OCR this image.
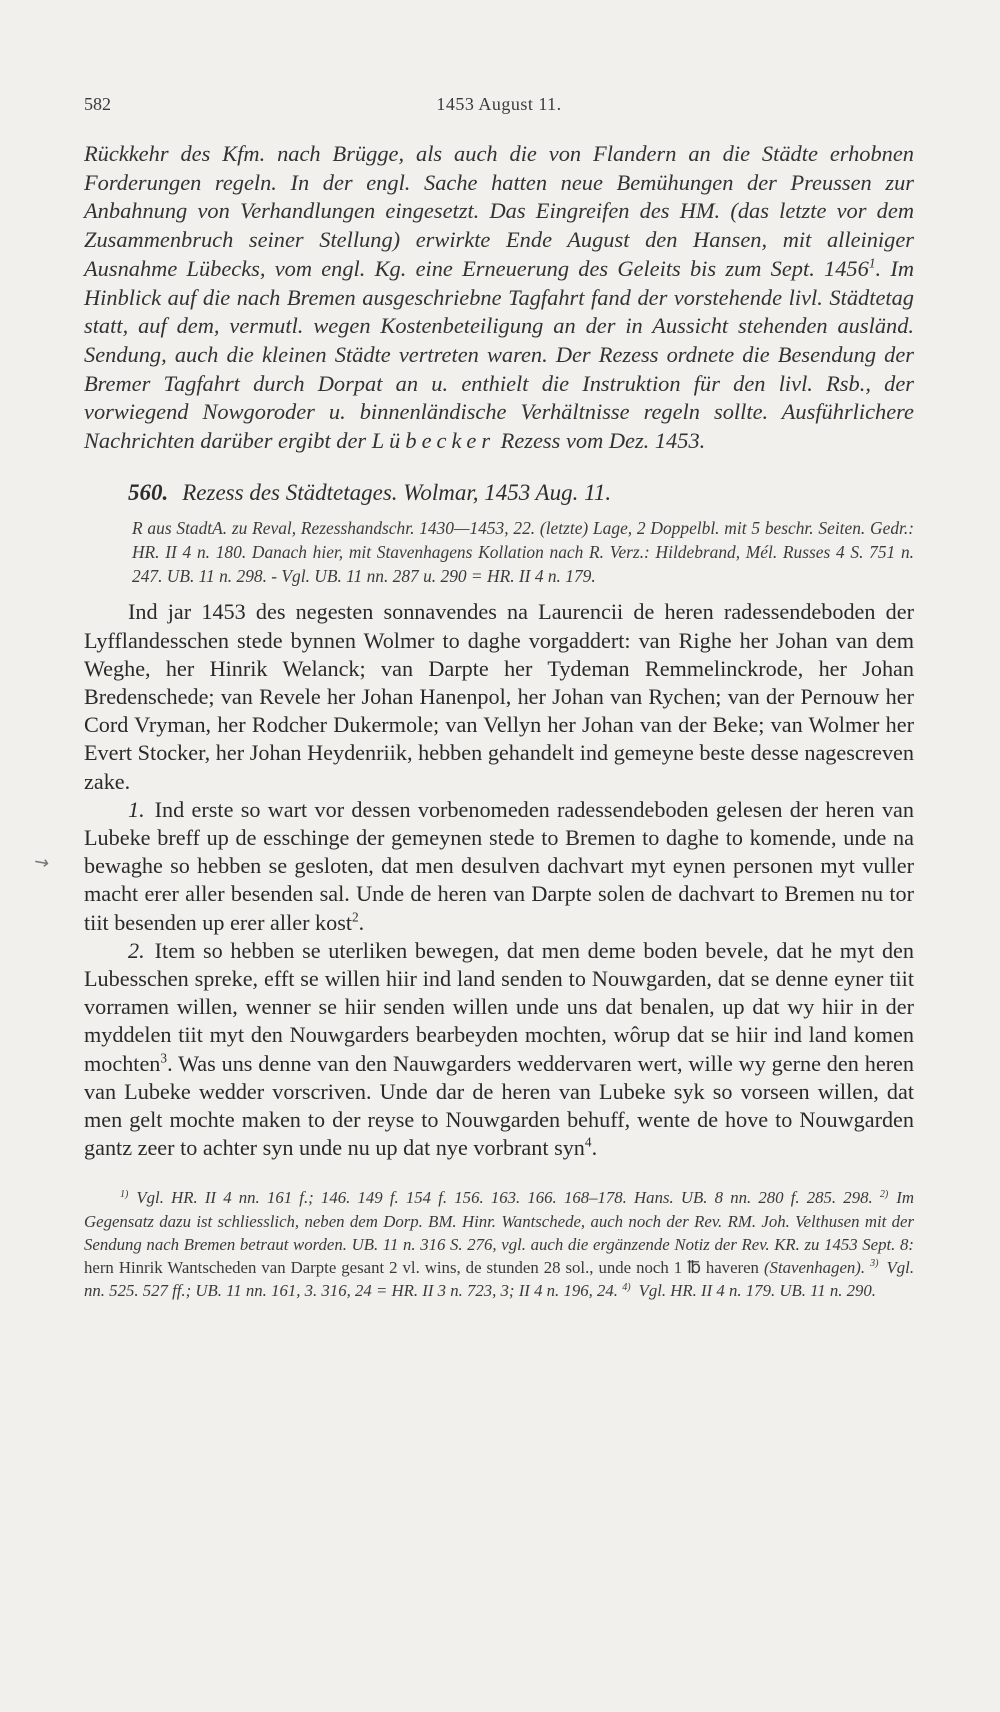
582	1453 August 11.
Rückkehr des Kfm. nach Brügge, als auch die von Flandern an die Städte erhobnen Forderungen regeln. In der engl. Sache hatten neue Bemühungen der Preussen zur Anbahnung von Verhandlungen eingesetzt. Das Eingreifen des HM. (das letzte vor dem Zusammenbruch seiner Stellung) erwirkte Ende August den Hansen, mit alleiniger Ausnahme Lübecks, vom engl. Kg. eine Erneuerung des Geleits bis zum Sept. 1456$^1$. Im Hinblick auf die nach Bremen ausgeschriebne Tagfahrt fand der vorstehende livl. Städtetag statt, auf dem, vermutl. wegen Kostenbeteiligung an der in Aussicht stehenden ausländ. Sendung, auch die kleinen Städte vertreten waren. Der Rezess ordnete die Besendung der Bremer Tagfahrt durch Dorpat an u. enthielt die Instruktion für den livl. Rsb., der vorwiegend Nowgoroder u. binnenländische Verhältnisse regeln sollte. Ausführlichere Nachrichten darüber ergibt der Lübecker Rezess vom Dez. 1453.
560. Rezess des Städtetages. Wolmar, 1453 Aug. 11.
R aus StadtA. zu Reval, Rezesshandschr. 1430—1453, 22. (letzte) Lage, 2 Doppelbl. mit 5 beschr. Seiten. Gedr.: HR. II 4 n. 180. Danach hier, mit Stavenhagens Kollation nach R. Verz.: Hildebrand, Mél. Russes 4 S. 751 n. 247. UB. 11 n. 298. - Vgl. UB. 11 nn. 287 u. 290 = HR. II 4 n. 179.

Ind jar 1453 des negesten sonnavendes na Laurencii de heren radessendeboden der Lyfflandesschen stede bynnen Wolmer to daghe vorgaddert: van Righe her Johan van dem Weghe, her Hinrik Welanck; van Darpte her Tydeman Remmelinckrode, her Johan Bredenschede; van Revele her Johan Hanenpol, her Johan van Rychen; van der Pernouw her Cord Vryman, her Rodcher Dukermole; van Vellyn her Johan van der Beke; van Wolmer her Evert Stocker, her Johan Heydenriik, hebben gehandelt ind gemeyne beste desse nagescreven zake.

1. Ind erste so wart vor dessen vorbenomeden radessendeboden gelesen der heren van Lubeke breff up de esschinge der gemeynen stede to Bremen to daghe to komende, unde na bewaghe so hebben se gesloten, dat men desulven dachvart myt eynen personen myt vuller macht erer aller besenden sal. Unde de heren van Darpte solen de dachvart to Bremen nu tor tiit besenden up erer aller kost$^2$.

2. Item so hebben se uterliken bewegen, dat men deme boden bevele, dat he myt den Lubesschen spreke, efft se willen hiir ind land senden to Nouwgarden, dat se denne eyner tiit vorramen willen, wenner se hiir senden willen unde uns dat benalen, up dat wy hiir in der myddelen tiit myt den Nouwgarders bearbeyden mochten, wôrup dat se hiir ind land komen mochten$^3$. Was uns denne van den Nauwgarders weddervaren wert, wille wy gerne den heren van Lubeke wedder vorscriven. Unde dar de heren van Lubeke syk so vorseen willen, dat men gelt mochte maken to der reyse to Nouwgarden behuff, wente de hove to Nouwgarden gantz zeer to achter syn unde nu up dat nye vorbrant syn$^4$.

$^{1)}$ Vgl. HR. II 4 nn. 161 f.; 146. 149 f. 154 f. 156. 163. 166. 168–178. Hans. UB. 8 nn. 280 f. 285. 298. $^{2)}$ Im Gegensatz dazu ist schliesslich, neben dem Dorp. BM. Hinr. Wantschede, auch noch der Rev. RM. Joh. Velthusen mit der Sendung nach Bremen betraut worden. UB. 11 n. 316 S. 276, vgl. auch die ergänzende Notiz der Rev. KR. zu 1453 Sept. 8: hern Hinrik Wantscheden van Darpte gesant 2 vl. wins, de stunden 28 sol., unde noch 1 ℔ haveren (Stavenhagen). $^{3)}$ Vgl. nn. 525. 527 ff.; UB. 11 nn. 161, 3. 316, 24 = HR. II 3 n. 723, 3; II 4 n. 196, 24. $^{4)}$ Vgl. HR. II 4 n. 179. UB. 11 n. 290.
↘
